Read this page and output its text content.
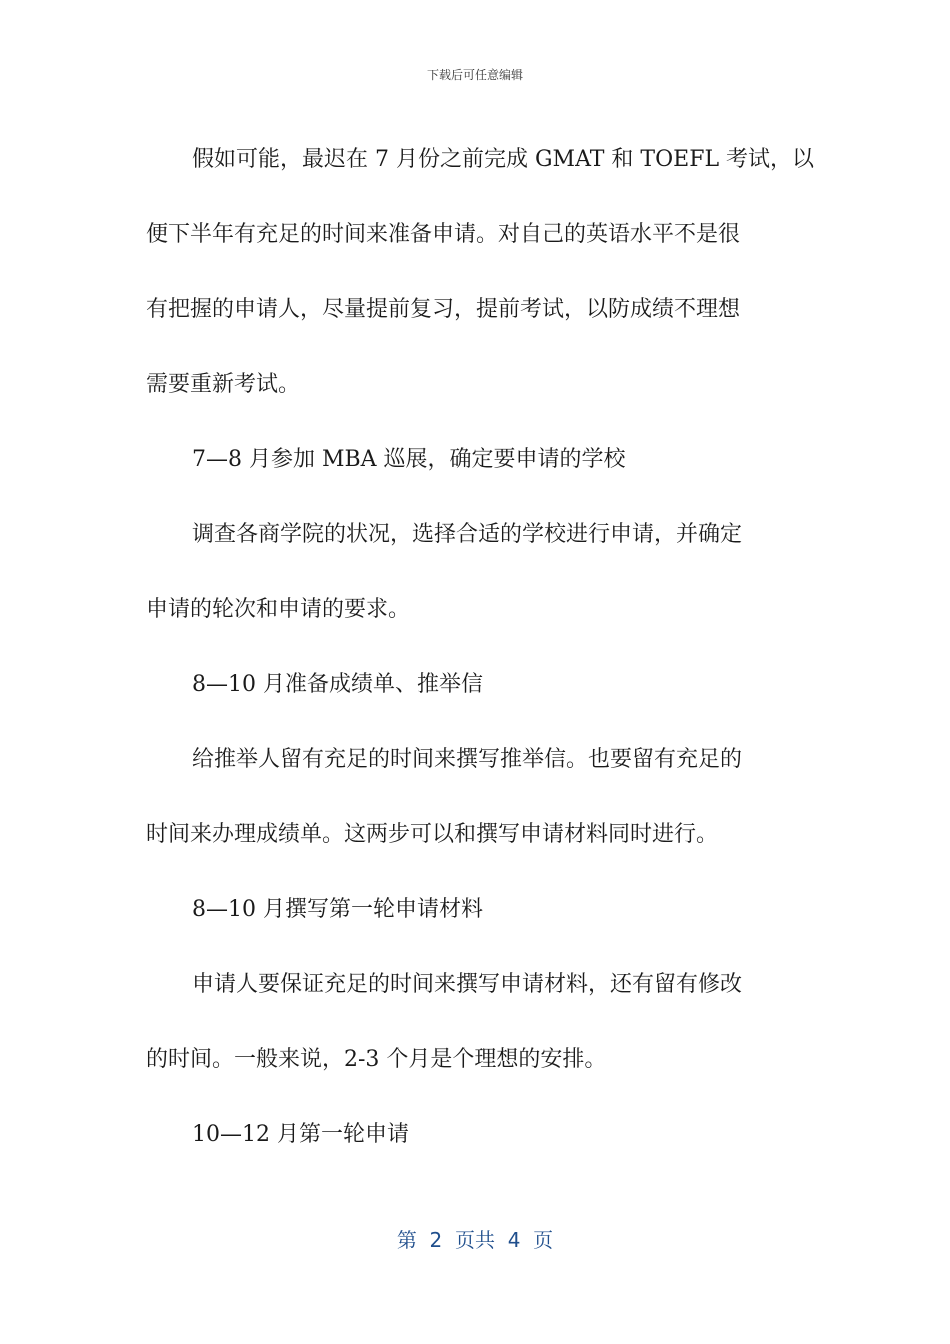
下载后可任意编辑

假如可能，最迟在 7 月份之前完成 GMAT 和 TOEFL 考试，以

便下半年有充足的时间来准备申请。对自己的英语水平不是很

有把握的申请人，尽量提前复习，提前考试，以防成绩不理想

需要重新考试。

7—8 月参加 MBA 巡展，确定要申请的学校

调查各商学院的状况，选择合适的学校进行申请，并确定

申请的轮次和申请的要求。

8—10 月准备成绩单、推举信

给推举人留有充足的时间来撰写推举信。也要留有充足的

时间来办理成绩单。这两步可以和撰写申请材料同时进行。

8—10 月撰写第一轮申请材料

申请人要保证充足的时间来撰写申请材料，还有留有修改

的时间。一般来说，2-3 个月是个理想的安排。

10—12 月第一轮申请

第  2  页共  4  页
